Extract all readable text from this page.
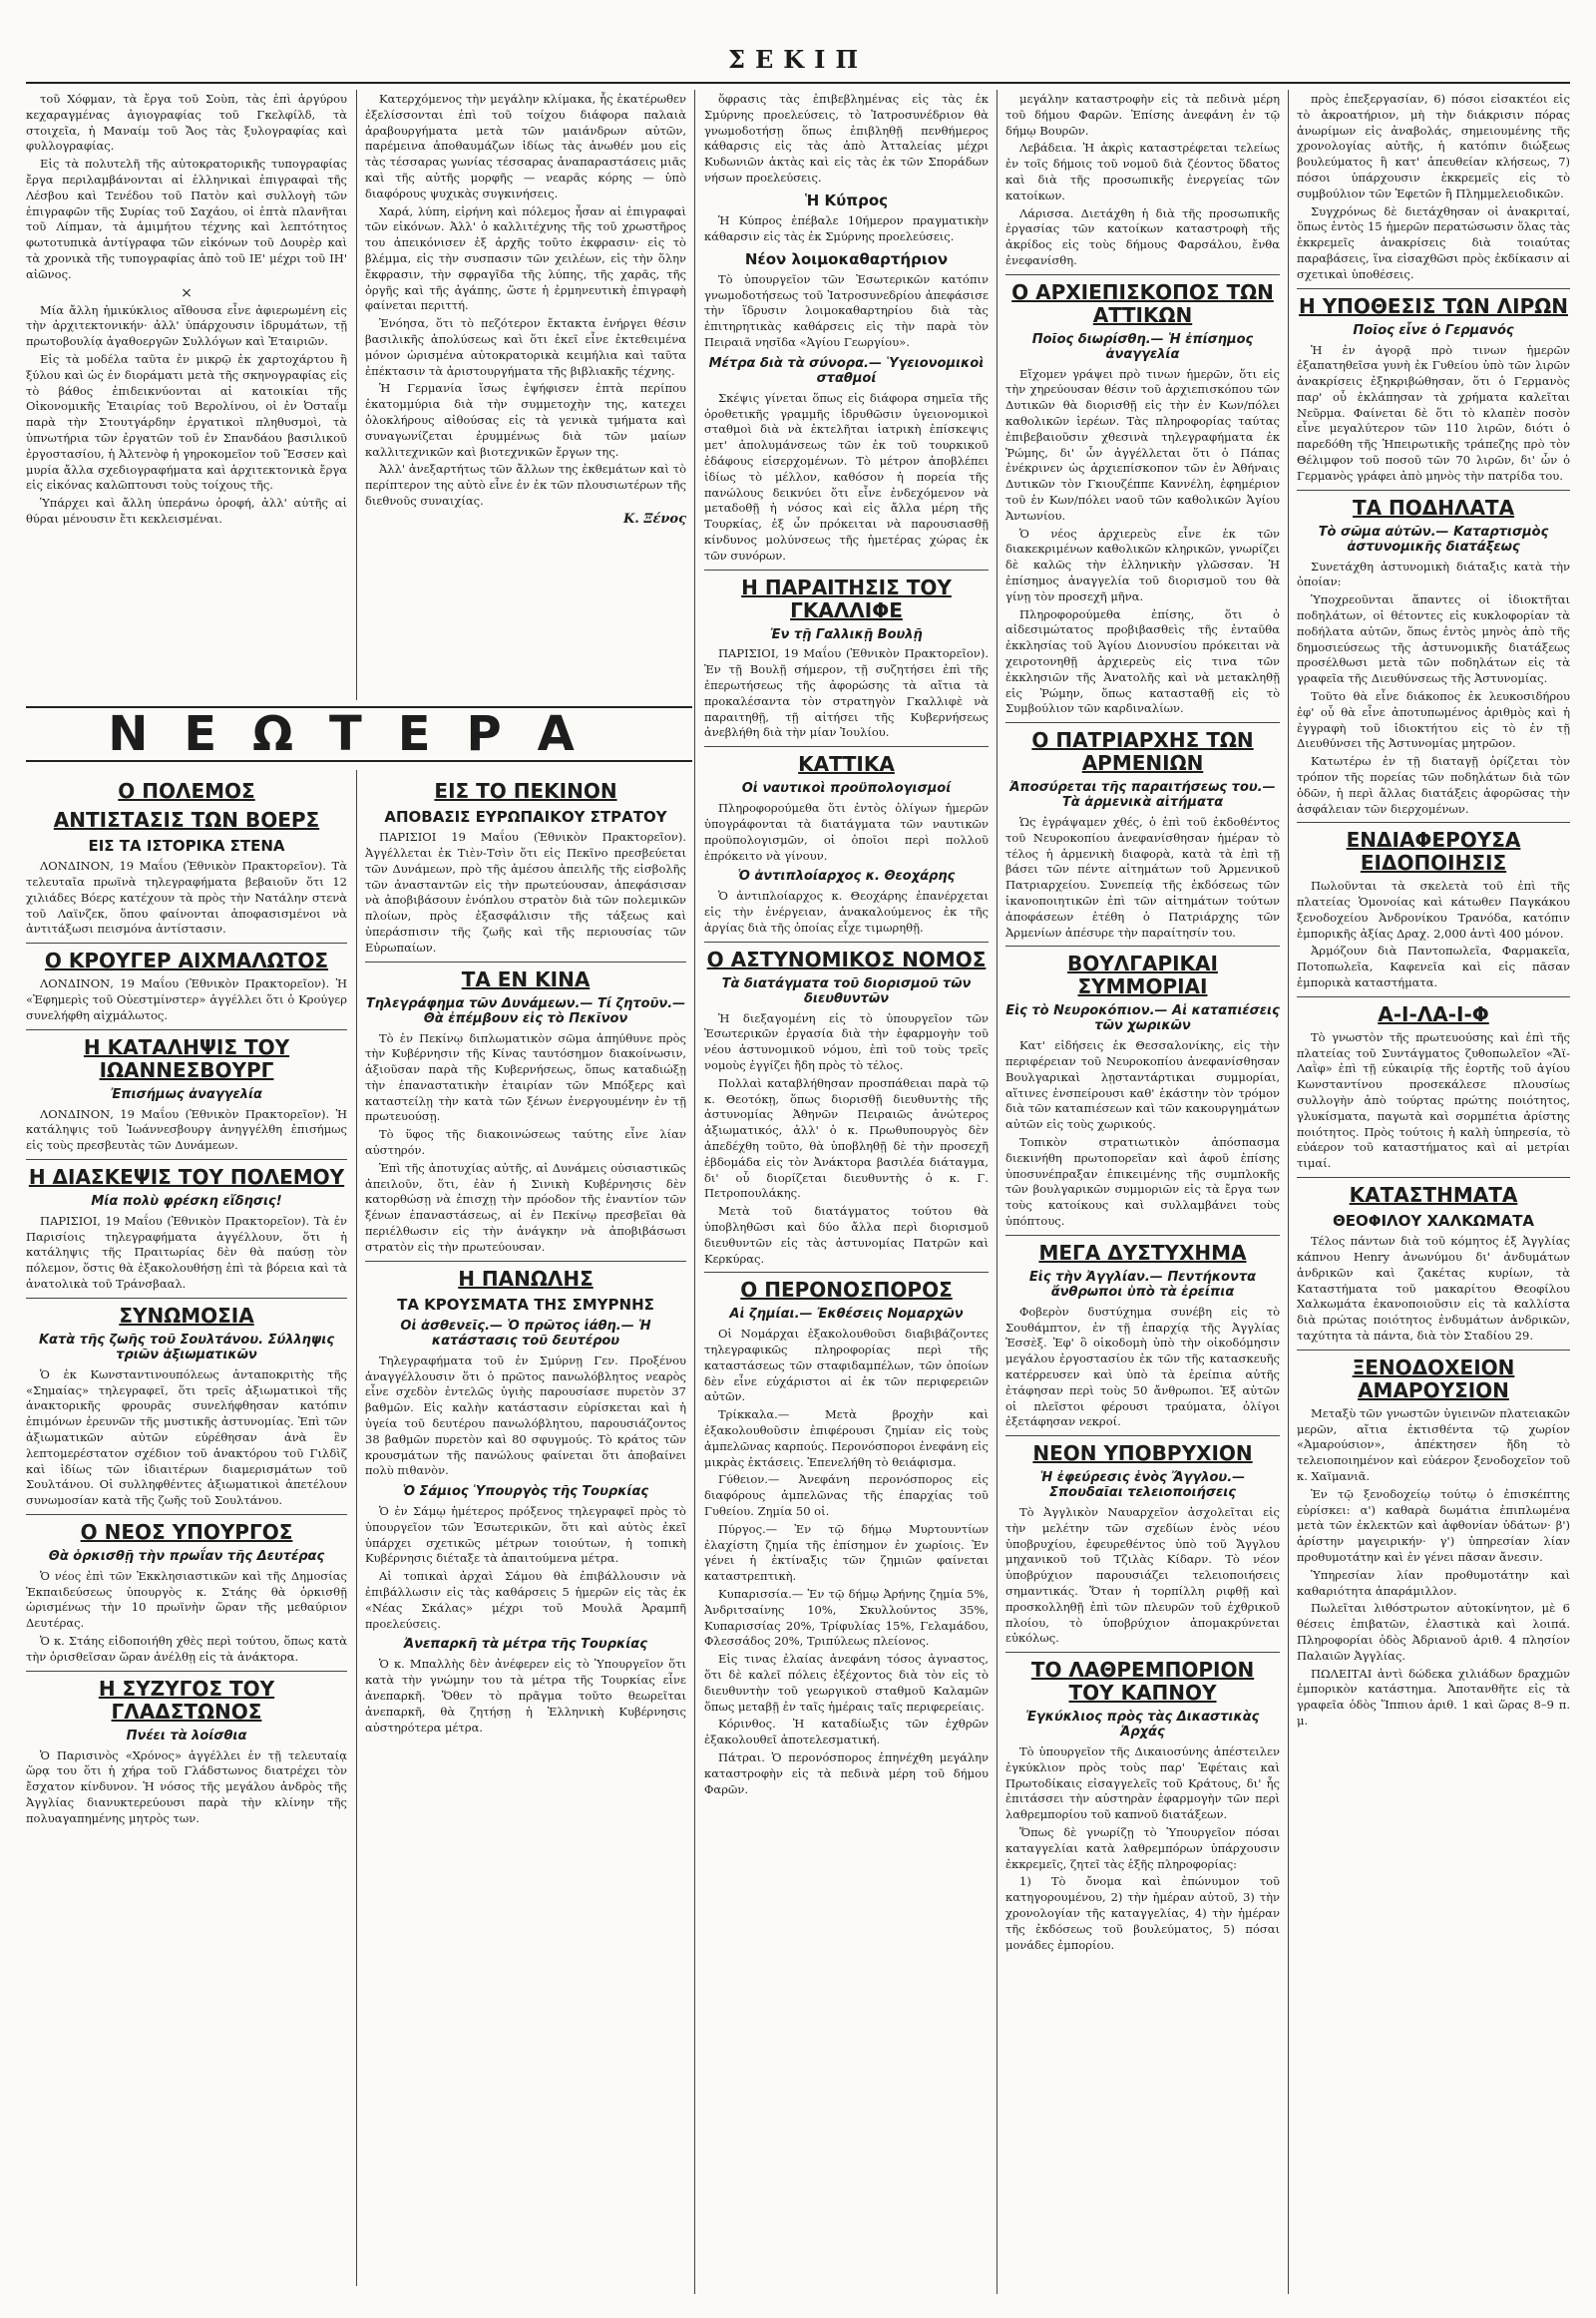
ΣΕΚΙΠ

τοῦ Χόφμαν, τὰ ἔργα τοῦ Σοὺπ, τὰς ἐπὶ ἀργύρου κεχαραγμένας ἀγιογραφίας τοῦ Γκελφίλδ, τὰ στοιχεῖα, ἡ Μαναίμ τοῦ Ἄος τὰς ξυλογραφίας καὶ φυλλογραφίας.

Εἰς τὰ πολυτελῆ τῆς αὐτοκρατορικῆς τυπογραφίας ἔργα περιλαμβάνονται αἱ ἑλληνικαὶ ἐπιγραφαὶ τῆς Λέσβου καὶ Τενέδου τοῦ Πατὸν καὶ συλλογὴ τῶν ἐπιγραφῶν τῆς Συρίας τοῦ Σαχάου, οἱ ἑπτὰ πλανῆται τοῦ Λίπμαν, τὰ ἀμιμήτου τέχνης καὶ λεπτότητος φωτοτυπικὰ ἀντίγραφα τῶν εἰκόνων τοῦ Δουρὲρ καὶ τὰ χρονικὰ τῆς τυπογραφίας ἀπὸ τοῦ ΙΕ' μέχρι τοῦ ΙΗ' αἰῶνος.

×

Μία ἄλλη ἡμικύκλιος αἴθουσα εἶνε ἀφιερωμένη εἰς τὴν ἀρχιτεκτονικήν· ἀλλ' ὑπάρχουσιν ἰδρυμάτων, τῇ πρωτοβουλίᾳ ἀγαθοεργῶν Συλλόγων καὶ Ἑταιριῶν.

Εἰς τὰ μοδέλα ταῦτα ἐν μικρῷ ἐκ χαρτοχάρτου ἢ ξύλου καὶ ὡς ἐν διοράματι μετὰ τῆς σκηνογραφίας εἰς τὸ βάθος ἐπιδεικνύονται αἱ κατοικίαι τῆς Οἰκονομικῆς Ἑταιρίας τοῦ Βερολίνου, οἱ ἐν Ὀσταΐμ παρὰ τὴν Στουτγάρδην ἐργατικοὶ πληθυσμοὶ, τὰ ὑπνωτήρια τῶν ἐργατῶν τοῦ ἐν Σπανδάου βασιλικοῦ ἐργοστασίου, ἡ Ἀλτενὸφ ἡ γηροκομεῖον τοῦ Ἔσσεν καὶ μυρία ἄλλα σχεδιογραφήματα καὶ ἀρχιτεκτονικὰ ἔργα εἰς εἰκόνας καλῶπτουσι τοὺς τοίχους τῆς.

Ὑπάρχει καὶ ἄλλη ὑπεράνω ὀροφή, ἀλλ' αὐτῆς αἱ θύραι μένουσιν ἔτι κεκλεισμέναι.

Κατερχόμενος τὴν μεγάλην κλίμακα, ἧς ἑκατέρωθεν ἐξελίσσονται ἐπὶ τοῦ τοίχου διάφορα παλαιὰ ἀραβουργήματα μετὰ τῶν μαιάνδρων αὐτῶν, παρέμεινα ἀποθαυμάζων ἰδίως τὰς ἀνωθέν μου εἰς τὰς τέσσαρας γωνίας τέσσαρας ἀναπαραστάσεις μιᾶς καὶ τῆς αὐτῆς μορφῆς — νεαρᾶς κόρης — ὑπὸ διαφόρους ψυχικὰς συγκινήσεις.

Χαρά, λύπη, εἰρήνη καὶ πόλεμος ἦσαν αἱ ἐπιγραφαὶ τῶν εἰκόνων. Ἀλλ' ὁ καλλιτέχνης τῆς τοῦ χρωστῆρος του ἀπεικόνισεν ἐξ ἀρχῆς τοῦτο ἐκφρασιν· εἰς τὸ βλέμμα, εἰς τὴν συσπασιν τῶν χειλέων, εἰς τὴν ὅλην ἔκφρασιν, τὴν σφραγῖδα τῆς λύπης, τῆς χαρᾶς, τῆς ὀργῆς καὶ τῆς ἀγάπης, ὥστε ἡ ἐρμηνευτικὴ ἐπιγραφὴ φαίνεται περιττή.

Ἐνόησα, ὅτι τὸ πεζότερον ἔκτακτα ἐνήργει θέσιν βασιλικῆς ἀπολύσεως καὶ ὅτι ἐκεῖ εἶνε ἐκτεθειμένα μόνον ὡρισμένα αὐτοκρατορικὰ κειμήλια καὶ ταῦτα ἐπέκτασιν τὰ ἀριστουργήματα τῆς βιβλιακῆς τέχνης.

Ἡ Γερμανία ἴσως ἐψήφισεν ἑπτὰ περίπου ἑκατομμύρια διὰ τὴν συμμετοχὴν της, κατεχει ὁλοκλήρους αἰθούσας εἰς τὰ γενικὰ τμήματα καὶ συναγωνίζεται ἐρυμμένως διὰ τῶν μαίων καλλιτεχνικῶν καὶ βιοτεχνικῶν ἔργων της.

Ἀλλ' ἀνεξαρτήτως τῶν ἄλλων της ἐκθεμάτων καὶ τὸ περίπτερον της αὐτὸ εἶνε ἐν ἐκ τῶν πλουσιωτέρων τῆς διεθνοῦς συναιχίας.

Κ. Ξένος

ὅφρασις τὰς ἐπιβεβλημένας εἰς τὰς ἐκ Σμύρνης προελεύσεις, τὸ Ἰατροσυνέδριον θὰ γνωμοδοτήσῃ ὅπως ἐπιβληθῇ πενθήμερος κάθαρσις εἰς τὰς ἀπὸ Ἀτταλείας μέχρι Κυδωνιῶν ἀκτὰς καὶ εἰς τὰς ἐκ τῶν Σποράδων νήσων προελεύσεις.

Ἡ Κύπρος

Ἡ Κύπρος ἐπέβαλε 10ήμερον πραγματικὴν κάθαρσιν εἰς τὰς ἐκ Σμύρνης προελεύσεις.

Νέον λοιμοκαθαρτήριον

Τὸ ὑπουργεῖον τῶν Ἐσωτερικῶν κατόπιν γνωμοδοτήσεως τοῦ Ἰατροσυνεδρίου ἀπεφάσισε τὴν ἵδρυσιν λοιμοκαθαρτηρίου διὰ τὰς ἐπιτηρητικὰς καθάρσεις εἰς τὴν παρὰ τὸν Πειραιᾶ νησῖδα «Ἁγίου Γεωργίου».

Μέτρα διὰ τὰ σύνορα.— Ὑγειονομικοὶ σταθμοί

Σκέψις γίνεται ὅπως εἰς διάφορα σημεῖα τῆς ὀροθετικῆς γραμμῆς ἱδρυθῶσιν ὑγειονομικοὶ σταθμοὶ διὰ νὰ ἐκτελῆται ἰατρικὴ ἐπίσκεψις μετ' ἀπολυμάνσεως τῶν ἐκ τοῦ τουρκικοῦ ἐδάφους εἰσερχομένων. Τὸ μέτρον ἀποβλέπει ἰδίως τὸ μέλλον, καθόσον ἡ πορεία τῆς πανώλους δεικνύει ὅτι εἶνε ἐνδεχόμενον νὰ μεταδοθῇ ἡ νόσος καὶ εἰς ἄλλα μέρη τῆς Τουρκίας, ἐξ ὧν πρόκειται νὰ παρουσιασθῇ κίνδυνος μολύνσεως τῆς ἡμετέρας χώρας ἐκ τῶν συνόρων.

Η ΠΑΡΑΙΤΗΣΙΣ ΤΟΥ ΓΚΑΛΛΙΦΕ
Ἐν τῇ Γαλλικῇ Βουλῇ

ΠΑΡΙΣΙΟΙ, 19 Μαΐου (Ἐθνικὸν Πρακτορεῖον). Ἐν τῇ Βουλῇ σήμερον, τῇ συζητήσει ἐπὶ τῆς ἐπερωτήσεως τῆς ἀφορώσης τὰ αἴτια τὰ προκαλέσαντα τὸν στρατηγὸν Γκαλλιφὲ νὰ παραιτηθῇ, τῇ αἰτήσει τῆς Κυβερνήσεως ἀνεβλήθη διὰ τὴν μίαν Ἰουλίου.

ΚΑΤΤΙΚΑ
Οἱ ναυτικοὶ προϋπολογισμοί

Πληροφορούμεθα ὅτι ἐντὸς ὀλίγων ἡμερῶν ὑπογράφονται τὰ διατάγματα τῶν ναυτικῶν προϋπολογισμῶν, οἱ ὁποῖοι περὶ πολλοῦ ἐπρόκειτο νὰ γίνουν.

Ὁ ἀντιπλοίαρχος κ. Θεοχάρης

Ὁ ἀντιπλοίαρχος κ. Θεοχάρης ἐπανέρχεται εἰς τὴν ἐνέργειαν, ἀνακαλούμενος ἐκ τῆς ἀργίας διὰ τῆς ὁποίας εἶχε τιμωρηθῇ.

Ο ΑΣΤΥΝΟΜΙΚΟΣ ΝΟΜΟΣ
Τὰ διατάγματα τοῦ διορισμοῦ τῶν διευθυντῶν

Ἡ διεξαγομένη εἰς τὸ ὑπουργεῖον τῶν Ἐσωτερικῶν ἐργασία διὰ τὴν ἐφαρμογὴν τοῦ νέου ἀστυνομικοῦ νόμου, ἐπὶ τοῦ τοὺς τρεῖς νομοὺς ἐγγίζει ἤδη πρὸς τὸ τέλος.

Πολλαὶ καταβλήθησαν προσπάθειαι παρὰ τῷ κ. Θεοτόκῃ, ὅπως διορισθῇ διευθυντὴς τῆς ἀστυνομίας Ἀθηνῶν Πειραιῶς ἀνώτερος ἀξιωματικός, ἀλλ' ὁ κ. Πρωθυπουργὸς δὲν ἀπεδέχθη τοῦτο, θὰ ὑποβληθῇ δὲ τὴν προσεχῆ ἑβδομάδα εἰς τὸν Ἀνάκτορα βασιλέα διάταγμα, δι' οὗ διορίζεται διευθυντὴς ὁ κ. Γ. Πετροπουλάκης.

Μετὰ τοῦ διατάγματος τούτου θὰ ὑποβληθῶσι καὶ δύο ἄλλα περὶ διορισμοῦ διευθυντῶν εἰς τὰς ἀστυνομίας Πατρῶν καὶ Κερκύρας.

Ο ΠΕΡΟΝΟΣΠΟΡΟΣ
Αἱ ζημίαι.— Ἐκθέσεις Νομαρχῶν

Οἱ Νομάρχαι ἐξακολουθοῦσι διαβιβάζοντες τηλεγραφικῶς πληροφορίας περὶ τῆς καταστάσεως τῶν σταφιδαμπέλων, τῶν ὁποίων δὲν εἶνε εὐχάριστοι αἱ ἐκ τῶν περιφερειῶν αὐτῶν.

Τρίκκαλα.— Μετὰ βροχὴν καὶ ἐξακολουθοῦσιν ἐπιφέρουσι ζημίαν εἰς τοὺς ἀμπελῶνας καρπούς. Περονόσποροι ἐνεφάνη εἰς μικρὰς ἐκτάσεις. Ἐπενελήθη τὸ θειάφισμα.

Γύθειον.— Ἀνεφάνη περονόσπορος εἰς διαφόρους ἀμπελῶνας τῆς ἐπαρχίας τοῦ Γυθείου. Ζημία 50 οἱ.

Πύργος.— Ἐν τῷ δήμῳ Μυρτουντίων ἐλαχίστη ζημία τῆς ἐπίσημον ἐν χωρίοις. Ἐν γένει ἡ ἐκτίναξις τῶν ζημιῶν φαίνεται καταστρεπτικὴ.

Κυπαρισσία.— Ἐν τῷ δήμῳ Ἀρήνης ζημία 5%, Ἀνδριτσαίνης 10%, Σκυλλούντος 35%, Κυπαρισσίας 20%, Τρίφυλίας 15%, Γελαμάδου, Φλεσσάδος 20%, Τριπύλεως πλείονος.

Εἰς τινας ἐλαίας ἀνεφάνη τόσος ἀγναστος, ὅτι δὲ καλεῖ πόλεις ἐξέχοντος διὰ τὸν εἰς τὸ διευθυντὴν τοῦ γεωργικοῦ σταθμοῦ Καλαμῶν ὅπως μεταβῇ ἐν ταῖς ἡμέραις ταῖς περιφερείαις.

Κόρινθος. Ἡ καταδίωξις τῶν ἐχθρῶν ἐξακολουθεῖ ἀποτελεσματική.

Πάτραι. Ὁ περονόσπορος ἐπηνέχθη μεγάλην καταστροφὴν εἰς τὰ πεδινὰ μέρη τοῦ δήμου Φαρῶν.

μεγάλην καταστροφὴν εἰς τὰ πεδινὰ μέρη τοῦ δήμου Φαρῶν. Ἐπίσης ἀνεφάνη ἐν τῷ δήμῳ Βουρῶν.

Λεβάδεια. Ἡ ἀκρὶς καταστρέφεται τελείως ἐν τοῖς δήμοις τοῦ νομοῦ διὰ ζέοντος ὕδατος καὶ διὰ τῆς προσωπικῆς ἐνεργείας τῶν κατοίκων.

Λάρισσα. Διετάχθη ἡ διὰ τῆς προσωπικῆς ἐργασίας τῶν κατοίκων καταστροφὴ τῆς ἀκρίδος εἰς τοὺς δήμους Φαρσάλου, ἔνθα ἐνεφανίσθη.

Ο ΑΡΧΙΕΠΙΣΚΟΠΟΣ ΤΩΝ ΑΤΤΙΚΩΝ
Ποῖος διωρίσθη.— Ἡ ἐπίσημος ἀναγγελία

Εἴχομεν γράψει πρὸ τινων ἡμερῶν, ὅτι εἰς τὴν χηρεύουσαν θέσιν τοῦ ἀρχιεπισκόπου τῶν Δυτικῶν θὰ διορισθῇ εἰς τὴν ἐν Κων/πόλει καθολικῶν ἱερέων. Τὰς πληροφορίας ταύτας ἐπιβεβαιοῦσιν χθεσινὰ τηλεγραφήματα ἐκ Ῥώμης, δι' ὧν ἀγγέλλεται ὅτι ὁ Πάπας ἐνέκρινεν ὡς ἀρχιεπίσκοπον τῶν ἐν Ἀθήναις Δυτικῶν τὸν Γκιουζέππε Καννέλη, ἐφημέριον τοῦ ἐν Κων/πόλει ναοῦ τῶν καθολικῶν Ἁγίου Ἀντωνίου.

Ὁ νέος ἀρχιερεὺς εἶνε ἐκ τῶν διακεκριμένων καθολικῶν κληρικῶν, γνωρίζει δὲ καλῶς τὴν ἑλληνικὴν γλῶσσαν. Ἡ ἐπίσημος ἀναγγελία τοῦ διορισμοῦ του θὰ γίνῃ τὸν προσεχῆ μῆνα.

Πληροφορούμεθα ἐπίσης, ὅτι ὁ αἰδεσιμώτατος προβιβασθεὶς τῆς ἐνταῦθα ἐκκλησίας τοῦ Ἁγίου Διονυσίου πρόκειται νὰ χειροτονηθῇ ἀρχιερεὺς εἰς τινα τῶν ἐκκλησιῶν τῆς Ἀνατολῆς καὶ νὰ μετακληθῇ εἰς Ῥώμην, ὅπως κατασταθῇ εἰς τὸ Συμβούλιον τῶν καρδιναλίων.

Ο ΠΑΤΡΙΑΡΧΗΣ ΤΩΝ ΑΡΜΕΝΙΩΝ
Ἀποσύρεται τῆς παραιτήσεως του.— Τὰ ἀρμενικὰ αἰτήματα

Ὡς ἐγράψαμεν χθές, ὁ ἐπὶ τοῦ ἐκδοθέντος τοῦ Νευροκοπίου ἀνεφανίσθησαν ἡμέραν τὸ τέλος ἡ ἀρμενικὴ διαφορὰ, κατὰ τὰ ἐπὶ τῇ βάσει τῶν πέντε αἰτημάτων τοῦ Ἀρμενικοῦ Πατριαρχείου. Συνεπείᾳ τῆς ἐκδόσεως τῶν ἱκανοποιητικῶν ἐπὶ τῶν αἰτημάτων τούτων ἀποφάσεων ἐτέθη ὁ Πατριάρχης τῶν Ἀρμενίων ἀπέσυρε τὴν παραίτησίν του.

ΒΟΥΛΓΑΡΙΚΑΙ ΣΥΜΜΟΡΙΑΙ
Εἰς τὸ Νευροκόπιον.— Αἱ καταπιέσεις τῶν χωρικῶν

Κατ' εἰδήσεις ἐκ Θεσσαλονίκης, εἰς τὴν περιφέρειαν τοῦ Νευροκοπίου ἀνεφανίσθησαν Βουλγαρικαὶ λῃσταντάρτικαι συμμορίαι, αἵτινες ἐνσπείρουσι καθ' ἑκάστην τὸν τρόμον διὰ τῶν καταπιέσεων καὶ τῶν κακουργημάτων αὐτῶν εἰς τοὺς χωρικούς.

Τοπικὸν στρατιωτικὸν ἀπόσπασμα διεκινήθη πρωτοπορεῖαν καὶ ἀφοῦ ἐπίσης ὑποσυνέπραξαν ἐπικειμένης τῆς συμπλοκῆς τῶν βουλγαρικῶν συμμοριῶν εἰς τὰ ἔργα των τοὺς κατοίκους καὶ συλλαμβάνει τοὺς ὑπόπτους.

ΜΕΓΑ ΔΥΣΤΥΧΗΜΑ
Εἰς τὴν Ἀγγλίαν.— Πεντήκοντα ἄνθρωποι ὑπὸ τὰ ἐρείπια

Φοβερὸν δυστύχημα συνέβη εἰς τὸ Σουθάμπτον, ἐν τῇ ἐπαρχίᾳ τῆς Ἀγγλίας Ἐσσὲξ. Ἐφ' ὃ οἰκοδομὴ ὑπὸ τὴν οἰκοδόμησιν μεγάλου ἐργοστασίου ἐκ τῶν τῆς κατασκευῆς κατέρρευσεν καὶ ὑπὸ τὰ ἐρείπια αὐτῆς ἐτάφησαν περὶ τοὺς 50 ἄνθρωποι. Ἐξ αὐτῶν οἱ πλεῖστοι φέρουσι τραύματα, ὀλίγοι ἐξετάφησαν νεκροί.

ΝΕΟΝ ΥΠΟΒΡΥΧΙΟΝ
Ἡ ἐφεύρεσις ἑνὸς Ἄγγλου.— Σπουδαῖαι τελειοποιήσεις

Τὸ Ἀγγλικὸν Ναυαρχεῖον ἀσχολεῖται εἰς τὴν μελέτην τῶν σχεδίων ἑνὸς νέου ὑποβρυχίου, ἐφευρεθέντος ὑπὸ τοῦ Ἄγγλου μηχανικοῦ τοῦ Τζιλὰς Κίδαρν. Τὸ νέον ὑποβρύχιον παρουσιάζει τελειοποιήσεις σημαντικάς. Ὅταν ἡ τορπίλλη ριφθῇ καὶ προσκολληθῇ ἐπὶ τῶν πλευρῶν τοῦ ἐχθρικοῦ πλοίου, τὸ ὑποβρύχιον ἀπομακρύνεται εὐκόλως.

ΤΟ ΛΑΘΡΕΜΠΟΡΙΟΝ ΤΟΥ ΚΑΠΝΟΥ
Ἐγκύκλιος πρὸς τὰς Δικαστικὰς Ἀρχάς

Τὸ ὑπουργεῖον τῆς Δικαιοσύνης ἀπέστειλεν ἐγκύκλιον πρὸς τοὺς παρ' Ἐφέταις καὶ Πρωτοδίκαις εἰσαγγελεῖς τοῦ Κράτους, δι' ἧς ἐπιτάσσει τὴν αὐστηρὰν ἐφαρμογὴν τῶν περὶ λαθρεμπορίου τοῦ καπνοῦ διατάξεων.

Ὅπως δὲ γνωρίζῃ τὸ Ὑπουργεῖον πόσαι καταγγελίαι κατὰ λαθρεμπόρων ὑπάρχουσιν ἐκκρεμεῖς, ζητεῖ τὰς ἑξῆς πληροφορίας:

1) Τὸ ὄνομα καὶ ἐπώνυμον τοῦ κατηγορουμένου, 2) τὴν ἡμέραν αὐτοῦ, 3) τὴν χρονολογίαν τῆς καταγγελίας, 4) τὴν ἡμέραν τῆς ἐκδόσεως τοῦ βουλεύματος, 5) πόσαι μονάδες ἐμπορίου.

πρὸς ἐπεξεργασίαν, 6) πόσοι εἰσακτέοι εἰς τὸ ἀκροατήριον, μὴ τὴν διάκρισιν πόρας ἀνωρίμων εἰς ἀναβολάς, σημειουμένης τῆς χρονολογίας αὐτῆς, ἡ κατόπιν διώξεως βουλεύματος ἢ κατ' ἀπευθείαν κλήσεως, 7) πόσοι ὑπάρχουσιν ἐκκρεμεῖς εἰς τὸ συμβούλιον τῶν Ἐφετῶν ἢ Πλημμελειοδικῶν.

Συγχρόνως δὲ διετάχθησαν οἱ ἀνακριταί, ὅπως ἐντὸς 15 ἡμερῶν περατώσωσιν ὅλας τὰς ἐκκρεμεῖς ἀνακρίσεις διὰ τοιαύτας παραβάσεις, ἵνα εἰσαχθῶσι πρὸς ἐκδίκασιν αἱ σχετικαὶ ὑποθέσεις.

Η ΥΠΟΘΕΣΙΣ ΤΩΝ ΛΙΡΩΝ
Ποῖος εἶνε ὁ Γερμανός

Ἡ ἐν ἀγορᾷ πρὸ τινων ἡμερῶν ἐξαπατηθεῖσα γυνὴ ἐκ Γυθείου ὑπὸ τῶν λιρῶν ἀνακρίσεις ἐξηκριβώθησαν, ὅτι ὁ Γερμανὸς παρ' οὗ ἐκλάπησαν τὰ χρήματα καλεῖται Νεῦρμα. Φαίνεται δὲ ὅτι τὸ κλαπὲν ποσὸν εἶνε μεγαλύτερον τῶν 110 λιρῶν, διότι ὁ παρεδόθη τῆς Ἡπειρωτικῆς τράπεζης πρὸ τὸν Θέλιμφον τοῦ ποσοῦ τῶν 70 λιρῶν, δι' ὧν ὁ Γερμανὸς γράφει ἀπὸ μηνὸς τὴν πατρίδα του.

ΤΑ ΠΟΔΗΛΑΤΑ
Τὸ σῶμα αὐτῶν.— Καταρτισμὸς ἀστυνομικῆς διατάξεως

Συνετάχθη ἀστυνομικὴ διάταξις κατὰ τὴν ὁποίαν:

Ὑποχρεοῦνται ἅπαντες οἱ ἰδιοκτῆται ποδηλάτων, οἱ θέτοντες εἰς κυκλοφορίαν τὰ ποδήλατα αὐτῶν, ὅπως ἐντὸς μηνὸς ἀπὸ τῆς δημοσιεύσεως τῆς ἀστυνομικῆς διατάξεως προσέλθωσι μετὰ τῶν ποδηλάτων εἰς τὰ γραφεῖα τῆς Διευθύνσεως τῆς Ἀστυνομίας.

Τοῦτο θὰ εἶνε διάκοπος ἐκ λευκοσιδήρου ἐφ' οὗ θὰ εἶνε ἀποτυπωμένος ἀριθμὸς καὶ ἡ ἐγγραφὴ τοῦ ἰδιοκτήτου εἰς τὸ ἐν τῇ Διευθύνσει τῆς Ἀστυνομίας μητρῶον.

Κατωτέρω ἐν τῇ διαταγῇ ὁρίζεται τὸν τρόπον τῆς πορείας τῶν ποδηλάτων διὰ τῶν ὁδῶν, ἡ περὶ ἄλλας διατάξεις ἀφορῶσας τὴν ἀσφάλειαν τῶν διερχομένων.

ΕΝΔΙΑΦΕΡΟΥΣΑ ΕΙΔΟΠΟΙΗΣΙΣ

Πωλοῦνται τὰ σκελετὰ τοῦ ἐπὶ τῆς πλατείας Ὁμονοίας καὶ κάτωθεν Παγκάκου ξενοδοχείου Ἀνδρονίκου Τρανόδα, κατόπιν ἐμπορικῆς ἀξίας Δραχ. 2,000 ἀντὶ 400 μόνον.

Ἀρμόζουν διὰ Παντοπωλεῖα, Φαρμακεῖα, Ποτοπωλεῖα, Καφενεῖα καὶ εἰς πᾶσαν ἐμπορικὰ καταστήματα.

Α-Ι-ΛΑ-Ι-Φ

Τὸ γνωστὸν τῆς πρωτευούσης καὶ ἐπὶ τῆς πλατείας τοῦ Συντάγματος ζυθοπωλεῖον «Ἄϊ-Λαῒφ» ἐπὶ τῇ εὐκαιρίᾳ τῆς ἑορτῆς τοῦ ἁγίου Κωνσταντίνου προσεκάλεσε πλουσίως συλλογὴν ἀπὸ τούρτας πρώτης ποιότητος, γλυκίσματα, παγωτὰ καὶ σορμπέτια ἀρίστης ποιότητος. Πρὸς τούτοις ἡ καλὴ ὑπηρεσία, τὸ εὐάερον τοῦ καταστήματος καὶ αἱ μετρίαι τιμαί.

ΚΑΤΑΣΤΗΜΑΤΑ
ΘΕΟΦΙΛΟΥ ΧΑΛΚΩΜΑΤΑ

Τέλος πάντων διὰ τοῦ κόμητος ἐξ Ἀγγλίας κάπνου Henry ἀνωνύμου δι' ἀνδυμάτων ἀνδρικῶν καὶ ζακέτας κυρίων, τὰ Καταστήματα τοῦ μακαρίτου Θεοφίλου Χαλκωμάτα ἐκανοποιοῦσιν εἰς τὰ καλλίστα διὰ πρώτας ποιότητος ἐνδυμάτων ἀνδρικῶν, ταχύτητα τὰ πάντα, διὰ τὸν Σταδίου 29.

ΞΕΝΟΔΟΧΕΙΟΝ ΑΜΑΡΟΥΣΙΟΝ

Μεταξὺ τῶν γνωστῶν ὑγιεινῶν πλατειακῶν μερῶν, αἴτια ἐκτισθέντα τῷ χωρίον «Ἀμαρούσιον», ἀπέκτησεν ἤδη τὸ τελειοποιημένον καὶ εὐάερον ξενοδοχεῖον τοῦ κ. Χαϊμανιᾶ.

Ἐν τῷ ξενοδοχείῳ τούτῳ ὁ ἐπισκέπτης εὑρίσκει: α') καθαρὰ δωμάτια ἐπιπλωμένα μετὰ τῶν ἐκλεκτῶν καὶ ἀφθονίαν ὑδάτων· β') ἀρίστην μαγειρικήν· γ') ὑπηρεσίαν λίαν προθυμοτάτην καὶ ἐν γένει πᾶσαν ἄνεσιν.

Ὑπηρεσίαν λίαν προθυμοτάτην καὶ καθαριότητα ἀπαράμιλλον.

Πωλεῖται λιθόστρωτον αὐτοκίνητον, μὲ 6 θέσεις ἐπιβατῶν, ἐλαστικὰ καὶ λοιπά. Πληροφορίαι ὁδὸς Ἀδριανοῦ ἀριθ. 4 πλησίον Παλαιῶν Ἀγγλίας.

ΠΩΛΕΙΤΑΙ ἀντὶ δώδεκα χιλιάδων δραχμῶν ἐμπορικὸν κατάστημα. Ἀποτανθῆτε εἰς τὰ γραφεῖα ὁδὸς Ἵππιου ἀριθ. 1 καὶ ὥρας 8–9 π. μ.

ΝΕΩΤΕΡΑ
Ο ΠΟΛΕΜΟΣ
ΑΝΤΙΣΤΑΣΙΣ ΤΩΝ ΒΟΕΡΣ
ΕΙΣ ΤΑ ΙΣΤΟΡΙΚΑ ΣΤΕΝΑ

ΛΟΝΔΙΝΟΝ, 19 Μαΐου (Ἐθνικὸν Πρακτορεῖον). Τὰ τελευταῖα πρωϊνὰ τηλεγραφήματα βεβαιοῦν ὅτι 12 χιλιάδες Βόερς κατέχουν τὰ πρὸς τὴν Νατάλην στενὰ τοῦ Λαϊνζεκ, ὅπου φαίνονται ἀποφασισμένοι νὰ ἀντιτάξωσι πεισμόνα ἀντίστασιν.

Ο ΚΡΟΥΓΕΡ ΑΙΧΜΑΛΩΤΟΣ

ΛΟΝΔΙΝΟΝ, 19 Μαΐου (Ἐθνικὸν Πρακτορεῖον). Ἡ «Ἐφημερὶς τοῦ Οὐεστμίνστερ» ἀγγέλλει ὅτι ὁ Κρούγερ συνελήφθη αἰχμάλωτος.

Η ΚΑΤΑΛΗΨΙΣ ΤΟΥ ΙΩΑΝΝΕΣΒΟΥΡΓ
Ἐπισήμως ἀναγγελία

ΛΟΝΔΙΝΟΝ, 19 Μαΐου (Ἐθνικὸν Πρακτορεῖον). Ἡ κατάληψις τοῦ Ἰωάννεσβουργ ἀνηγγέλθη ἐπισήμως εἰς τοὺς πρεσβευτὰς τῶν Δυνάμεων.

Η ΔΙΑΣΚΕΨΙΣ ΤΟΥ ΠΟΛΕΜΟΥ
Μία πολὺ φρέσκη εἴδησις!

ΠΑΡΙΣΙΟΙ, 19 Μαΐου (Ἐθνικὸν Πρακτορεῖον). Τὰ ἐν Παρισίοις τηλεγραφήματα ἀγγέλλουν, ὅτι ἡ κατάληψις τῆς Πραιτωρίας δὲν θὰ παύσῃ τὸν πόλεμον, ὅστις θὰ ἐξακολουθήσῃ ἐπὶ τὰ βόρεια καὶ τὰ ἀνατολικὰ τοῦ Τράνσβααλ.

ΣΥΝΩΜΟΣΙΑ
Κατὰ τῆς ζωῆς τοῦ Σουλτάνου. Σύλληψις τριῶν ἀξιωματικῶν

Ὁ ἐκ Κωνσταντινουπόλεως ἀνταποκριτὴς τῆς «Σημαίας» τηλεγραφεῖ, ὅτι τρεῖς ἀξιωματικοὶ τῆς ἀνακτορικῆς φρουρᾶς συνελήφθησαν κατόπιν ἐπιμόνων ἐρευνῶν τῆς μυστικῆς ἀστυνομίας. Ἐπὶ τῶν ἀξιωματικῶν αὐτῶν εὑρέθησαν ἀνὰ ἓν λεπτομερέστατον σχέδιον τοῦ ἀνακτόρου τοῦ Γιλδὶζ καὶ ἰδίως τῶν ἰδιαιτέρων διαμερισμάτων τοῦ Σουλτάνου. Οἱ συλληφθέντες ἀξιωματικοὶ ἀπετέλουν συνωμοσίαν κατὰ τῆς ζωῆς τοῦ Σουλτάνου.

Ο ΝΕΟΣ ΥΠΟΥΡΓΟΣ
Θὰ ὁρκισθῇ τὴν πρωΐαν τῆς Δευτέρας

Ὁ νέος ἐπὶ τῶν Ἐκκλησιαστικῶν καὶ τῆς Δημοσίας Ἐκπαιδεύσεως ὑπουργὸς κ. Στάης θὰ ὁρκισθῇ ὡρισμένως τὴν 10 πρωϊνὴν ὥραν τῆς μεθαύριον Δευτέρας.

Ὁ κ. Στάης εἰδοποιήθη χθὲς περὶ τούτου, ὅπως κατὰ τὴν ὁρισθεῖσαν ὥραν ἀνέλθῃ εἰς τὰ ἀνάκτορα.

Η ΣΥΖΥΓΟΣ ΤΟΥ ΓΛΑΔΣΤΩΝΟΣ
Πνέει τὰ λοίσθια

Ὁ Παρισινὸς «Χρόνος» ἀγγέλλει ἐν τῇ τελευταίᾳ ὥρᾳ του ὅτι ἡ χήρα τοῦ Γλάδστωνος διατρέχει τὸν ἔσχατον κίνδυνον. Ἡ νόσος τῆς μεγάλου ἀνδρὸς τῆς Ἀγγλίας διανυκτερεύουσι παρὰ τὴν κλίνην τῆς πολυαγαπημένης μητρὸς των.

ΕΙΣ ΤΟ ΠΕΚΙΝΟΝ
ΑΠΟΒΑΣΙΣ ΕΥΡΩΠΑΙΚΟΥ ΣΤΡΑΤΟΥ

ΠΑΡΙΣΙΟΙ 19 Μαΐου (Ἐθνικὸν Πρακτορεῖον). Ἀγγέλλεται ἐκ Τιὲν-Τσὶν ὅτι εἰς Πεκῖνο πρεσβεύεται τῶν Δυνάμεων, πρὸ τῆς ἀμέσου ἀπειλῆς τῆς εἰσβολῆς τῶν ἀνασταντῶν εἰς τὴν πρωτεύουσαν, ἀπεφάσισαν νὰ ἀποβιβάσουν ἐνόπλου στρατὸν διὰ τῶν πολεμικῶν πλοίων, πρὸς ἐξασφάλισιν τῆς τάξεως καὶ ὑπεράσπισιν τῆς ζωῆς καὶ τῆς περιουσίας τῶν Εὐρωπαίων.

ΤΑ ΕΝ ΚΙΝΑ
Τηλεγράφημα τῶν Δυνάμεων.— Τί ζητοῦν.— Θὰ ἐπέμβουν εἰς τὸ Πεκῖνον

Τὸ ἐν Πεκίνῳ διπλωματικὸν σῶμα ἀπηύθυνε πρὸς τὴν Κυβέρνησιν τῆς Κίνας ταυτόσημον διακοίνωσιν, ἀξιοῦσαν παρὰ τῆς Κυβερνήσεως, ὅπως καταδιώξῃ τὴν ἐπαναστατικὴν ἑταιρίαν τῶν Μπόξερς καὶ καταστείλῃ τὴν κατὰ τῶν ξένων ἐνεργουμένην ἐν τῇ πρωτευούσῃ.

Τὸ ὕφος τῆς διακοινώσεως ταύτης εἶνε λίαν αὐστηρόν.

Ἐπὶ τῆς ἀποτυχίας αὐτῆς, αἱ Δυνάμεις οὐσιαστικῶς ἀπειλοῦν, ὅτι, ἐὰν ἡ Σινικὴ Κυβέρνησις δὲν κατορθώσῃ νὰ ἐπισχῃ τὴν πρόοδον τῆς ἐναντίον τῶν ξένων ἐπαναστάσεως, αἱ ἐν Πεκίνῳ πρεσβεῖαι θὰ περιέλθωσιν εἰς τὴν ἀνάγκην νὰ ἀποβιβάσωσι στρατὸν εἰς τὴν πρωτεύουσαν.

Η ΠΑΝΩΛΗΣ
ΤΑ ΚΡΟΥΣΜΑΤΑ ΤΗΣ ΣΜΥΡΝΗΣ
Οἱ ἀσθενεῖς.— Ὁ πρῶτος ἰάθη.— Ἡ κατάστασις τοῦ δευτέρου

Τηλεγραφήματα τοῦ ἐν Σμύρνῃ Γεν. Προξένου ἀναγγέλλουσιν ὅτι ὁ πρῶτος πανωλόβλητος νεαρὸς εἶνε σχεδὸν ἐντελῶς ὑγιὴς παρουσίασε πυρετὸν 37 βαθμῶν. Εἰς καλὴν κατάστασιν εὑρίσκεται καὶ ἡ ὑγεία τοῦ δευτέρου πανωλόβλητου, παρουσιάζοντος 38 βαθμῶν πυρετὸν καὶ 80 σφυγμούς. Τὸ κράτος τῶν κρουσμάτων τῆς πανώλους φαίνεται ὅτι ἀποβαίνει πολὺ πιθανὸν.

Ὁ Σάμιος Ὑπουργὸς τῆς Τουρκίας

Ὁ ἐν Σάμῳ ἡμέτερος πρόξενος τηλεγραφεῖ πρὸς τὸ ὑπουργεῖον τῶν Ἐσωτερικῶν, ὅτι καὶ αὐτὸς ἐκεῖ ὑπάρχει σχετικῶς μέτρων τοιούτων, ἡ τοπικὴ Κυβέρνησις διέταξε τὰ ἀπαιτούμενα μέτρα.

Αἱ τοπικαὶ ἀρχαὶ Σάμου θὰ ἐπιβάλλουσιν νὰ ἐπιβάλλωσιν εἰς τὰς καθάρσεις 5 ἡμερῶν εἰς τὰς ἐκ «Νέας Σκάλας» μέχρι τοῦ Μουλᾶ Ἀραμπῆ προελεύσεις.

Ἀνεπαρκῆ τὰ μέτρα τῆς Τουρκίας

Ὁ κ. Μπαλλὴς δὲν ἀνέφερεν εἰς τὸ Ὑπουργεῖον ὅτι κατὰ τὴν γνώμην του τὰ μέτρα τῆς Τουρκίας εἶνε ἀνεπαρκῆ. Ὅθεν τὸ πρᾶγμα τοῦτο θεωρεῖται ἀνεπαρκῆ, θὰ ζητήσῃ ἡ Ἑλληνικὴ Κυβέρνησις αὐστηρότερα μέτρα.
